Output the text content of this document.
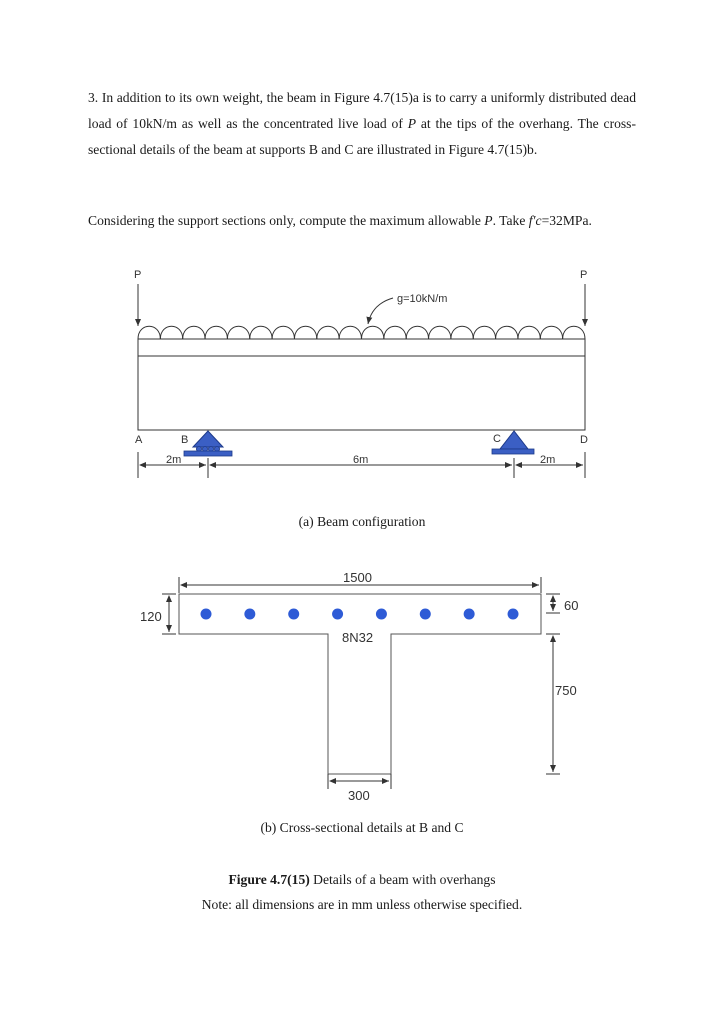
3. In addition to its own weight, the beam in Figure 4.7(15)a is to carry a uniformly distributed dead load of 10kN/m as well as the concentrated live load of P at the tips of the overhang. The cross-sectional details of the beam at supports B and C are illustrated in Figure 4.7(15)b.
Considering the support sections only, compute the maximum allowable P. Take f′c=32MPa.
P	P
g=10kN/m
A	B	C	D
2m	6m	2m
(a) Beam configuration
1500
120
60
750
300
8N32
(b) Cross-sectional details at B and C
Figure 4.7(15) Details of a beam with overhangs
Note: all dimensions are in mm unless otherwise specified.
